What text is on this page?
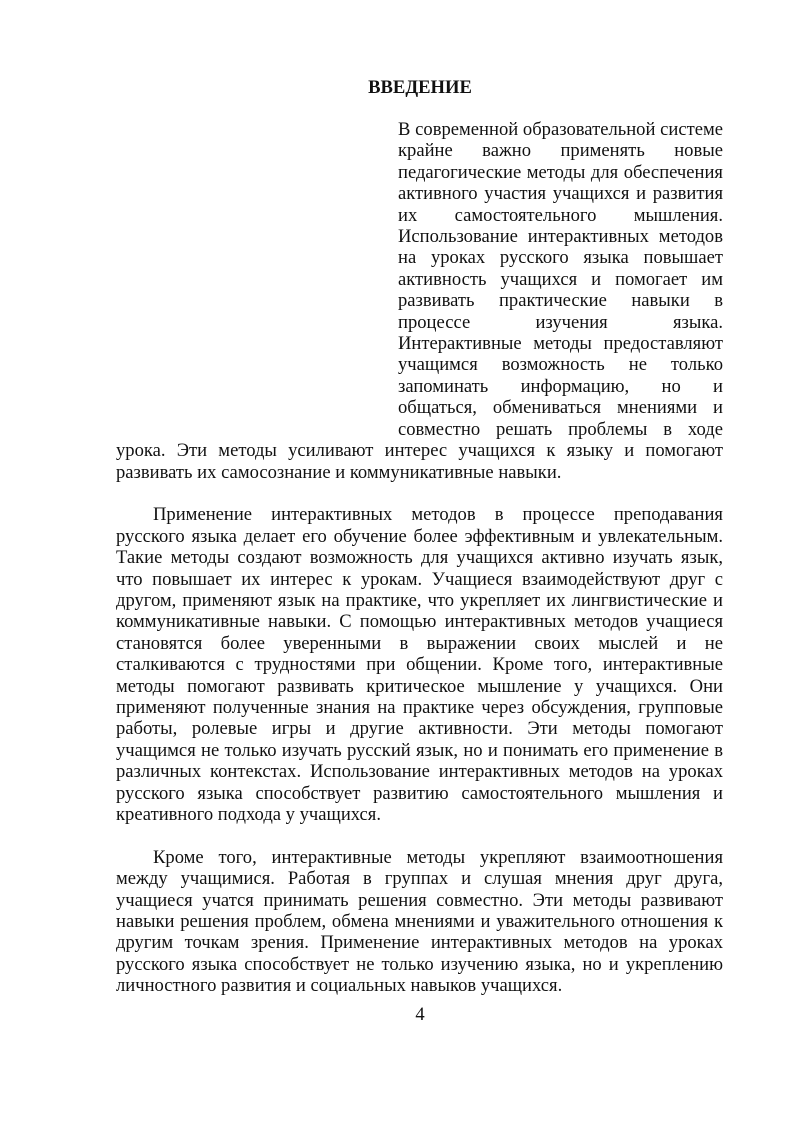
ВВЕДЕНИЕ

В современной образовательной системе крайне важно применять новые педагогические методы для обеспечения активного участия учащихся и развития их самостоятельного мышления. Использование интерактивных методов на уроках русского языка повышает активность учащихся и помогает им развивать практические навыки в процессе изучения языка. Интерактивные методы предоставляют учащимся возможность не только запоминать информацию, но и общаться, обмениваться мнениями и совместно решать проблемы в ходе урока. Эти методы усиливают интерес учащихся к языку и помогают развивать их самосознание и коммуникативные навыки.

Применение интерактивных методов в процессе преподавания русского языка делает его обучение более эффективным и увлекательным. Такие методы создают возможность для учащихся активно изучать язык, что повышает их интерес к урокам. Учащиеся взаимодействуют друг с другом, применяют язык на практике, что укрепляет их лингвистические и коммуникативные навыки. С помощью интерактивных методов учащиеся становятся более уверенными в выражении своих мыслей и не сталкиваются с трудностями при общении. Кроме того, интерактивные методы помогают развивать критическое мышление у учащихся. Они применяют полученные знания на практике через обсуждения, групповые работы, ролевые игры и другие активности. Эти методы помогают учащимся не только изучать русский язык, но и понимать его применение в различных контекстах. Использование интерактивных методов на уроках русского языка способствует развитию самостоятельного мышления и креативного подхода у учащихся.

Кроме того, интерактивные методы укрепляют взаимоотношения между учащимися. Работая в группах и слушая мнения друг друга, учащиеся учатся принимать решения совместно. Эти методы развивают навыки решения проблем, обмена мнениями и уважительного отношения к другим точкам зрения. Применение интерактивных методов на уроках русского языка способствует не только изучению языка, но и укреплению личностного развития и социальных навыков учащихся.

4
